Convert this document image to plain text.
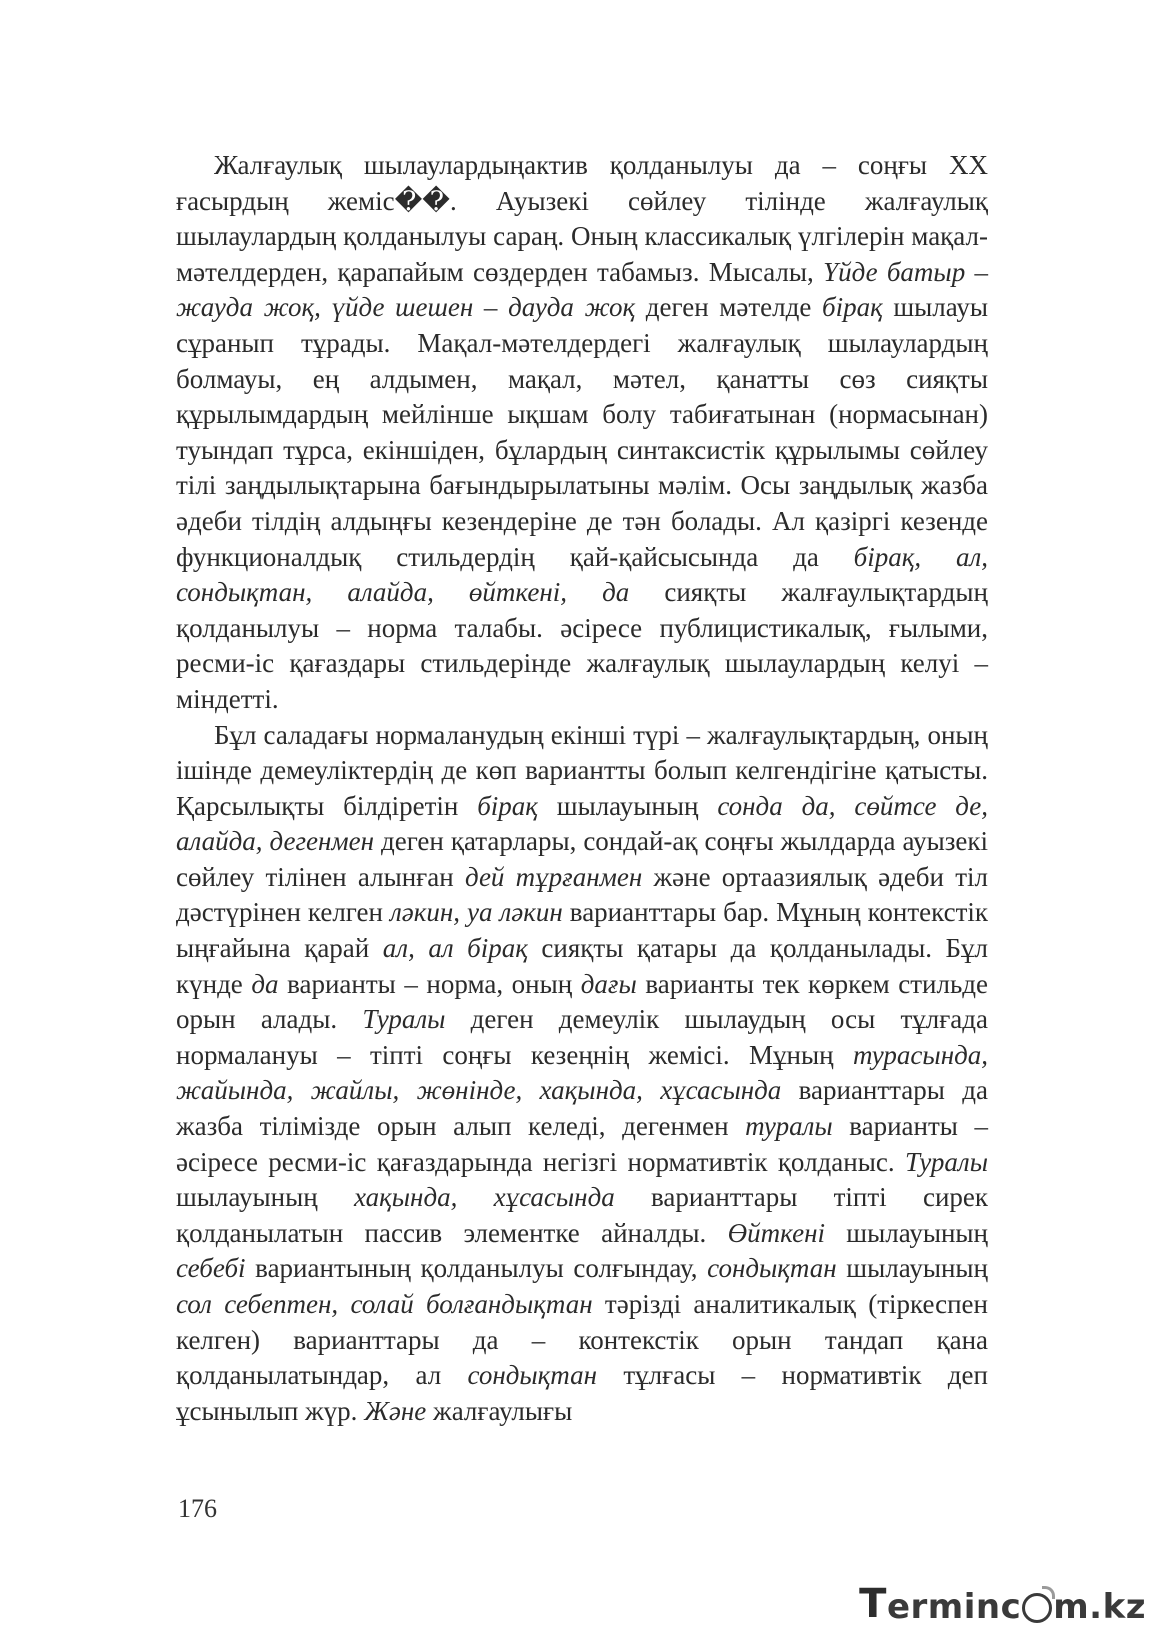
Жалғаулық шылаулардыңактив қолданылуы да – соңғы XX ғасырдың жеміс��. Ауызекі сөйлеу тілінде жалғаулық шылаулардың қолданылуы сараң. Оның классикалық үлгілерін мақал-мәтелдерден, қарапайым сөздерден табамыз. Мысалы, Үйде батыр – жауда жоқ, үйде шешен – дауда жоқ деген мәтелде бірақ шылауы сұранып тұрады. Мақал-мәтелдердегі жалғаулық шылаулардың болмауы, ең алдымен, мақал, мәтел, қанатты сөз сияқты құрылымдардың мейлінше ықшам болу табиғатынан (нормасынан) туындап тұрса, екіншіден, бұлардың синтаксистік құрылымы сөйлеу тілі заңдылықтарына бағындырылатыны мәлім. Осы заңдылық жазба әдеби тілдің алдыңғы кезендеріне де тән болады. Ал қазіргі кезенде функционалдық стильдердің қай-қайсысында да бірақ, ал, сондықтан, алайда, өйткені, да сияқты жалғаулықтардың қолданылуы – норма талабы. әсіресе публицистикалық, ғылыми, ресми-іс қағаздары стильдерінде жалғаулық шылаулардың келуі – міндетті.

Бұл саладағы нормаланудың екінші түрі – жалғаулықтардың, оның ішінде демеуліктердің де көп вариантты болып келгендігіне қатысты. Қарсылықты білдіретін бірақ шылауының сонда да, сөйтсе де, алайда, дегенмен деген қатарлары, сондай-ақ соңғы жылдарда ауызекі сөйлеу тілінен алынған дей тұрғанмен және ортаазиялық әдеби тіл дәстүрінен келген ләкин, уа ләкин варианттары бар. Мұның контекстік ыңғайына қарай ал, ал бірақ сияқты қатары да қолданылады. Бұл күнде да варианты – норма, оның дағы варианты тек көркем стильде орын алады. Туралы деген демеулік шылаудың осы тұлғада нормалануы – тіпті соңғы кезеңнің жемісі. Мұның турасында, жайында, жайлы, жөнінде, хақында, хұсасында варианттары да жазба тілімізде орын алып келеді, дегенмен туралы варианты – әсіресе ресми-іс қағаздарында негізгі нормативтік қолданыс. Туралы шылауының хақында, хұсасында варианттары тіпті сирек қолданылатын пассив элементке айналды. Өйткені шылауының себебі вариантының қолданылуы солғындау, сондықтан шылауының сол себептен, солай болғандықтан тәрізді аналитикалық (тіркеспен келген) варианттары да – контекстік орын тандап қана қолданылатындар, ал сондықтан тұлғасы – нормативтік деп ұсынылып жүр. Және жалғаулығы

176
T erminc m.kz
